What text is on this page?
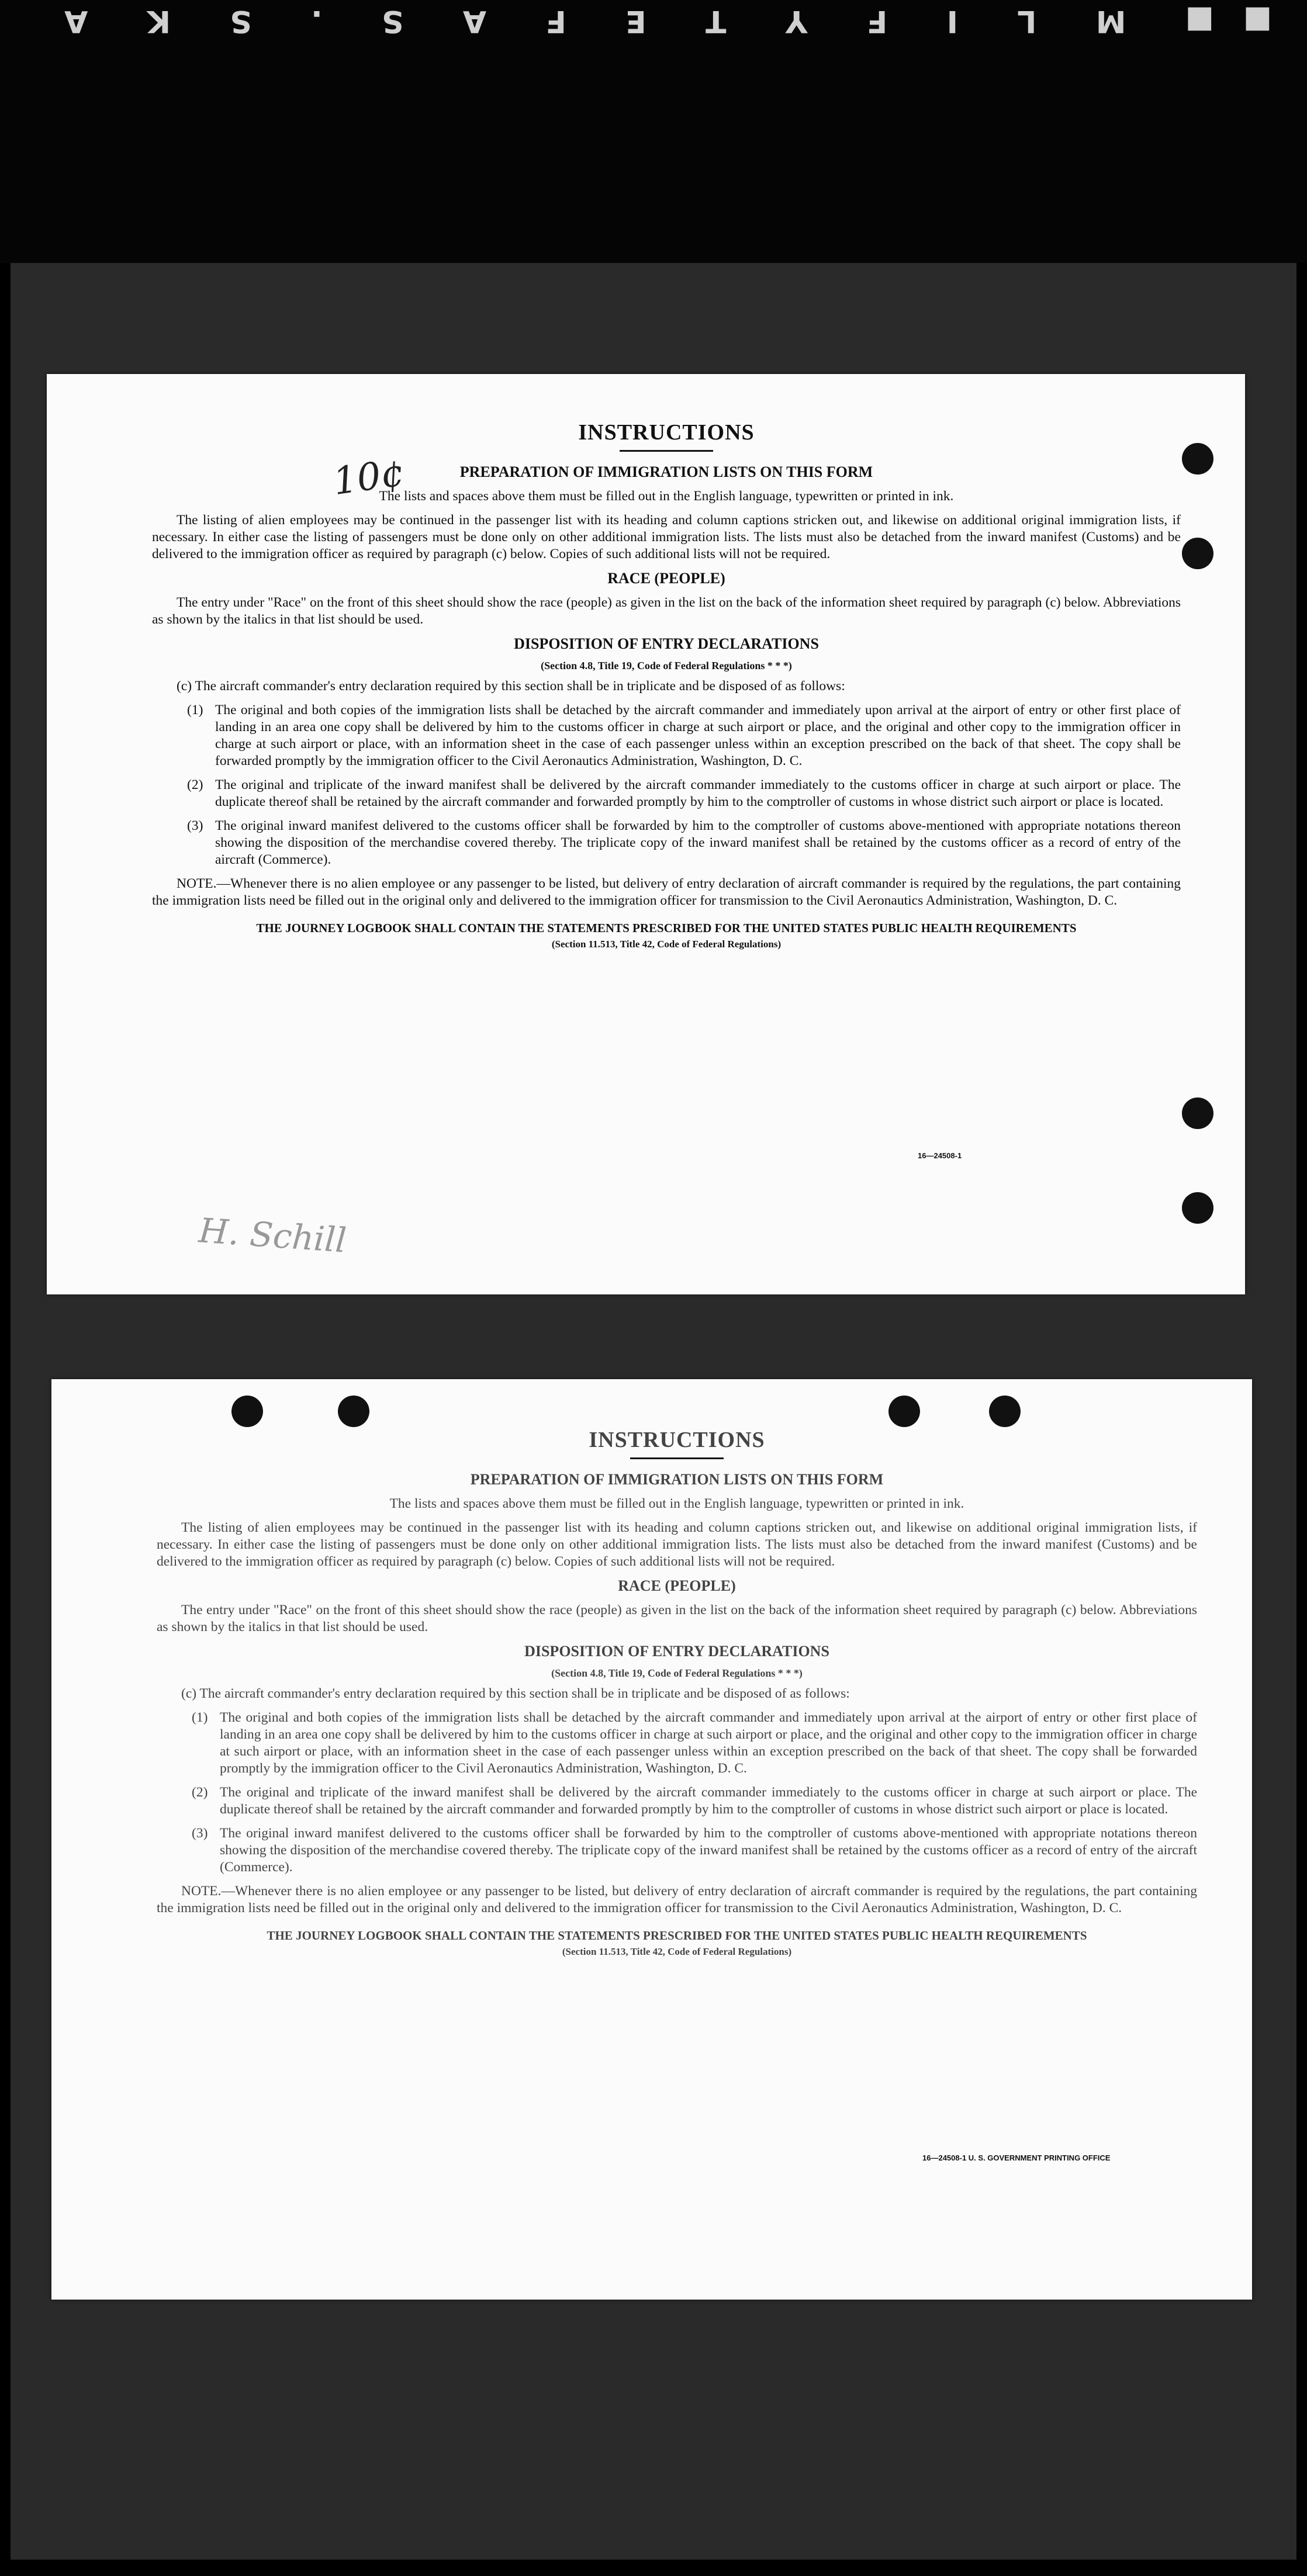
■■
M
L
I
F
Y
T
E
F
A
S
.
S
K
A
10¢
H. Schill
INSTRUCTIONS
PREPARATION OF IMMIGRATION LISTS ON THIS FORM

The lists and spaces above them must be filled out in the English language, typewritten or printed in ink.

The listing of alien employees may be continued in the passenger list with its heading and column captions stricken out, and likewise on additional original immigration lists, if necessary. In either case the listing of passengers must be done only on other additional immigration lists. The lists must also be detached from the inward manifest (Customs) and be delivered to the immigration officer as required by paragraph (c) below. Copies of such additional lists will not be required.

RACE (PEOPLE)

The entry under "Race" on the front of this sheet should show the race (people) as given in the list on the back of the information sheet required by paragraph (c) below. Abbreviations as shown by the italics in that list should be used.

DISPOSITION OF ENTRY DECLARATIONS
(Section 4.8, Title 19, Code of Federal Regulations * * *)

(c) The aircraft commander's entry declaration required by this section shall be in triplicate and be disposed of as follows:

(1) The original and both copies of the immigration lists shall be detached by the aircraft commander and immediately upon arrival at the airport of entry or other first place of landing in an area one copy shall be delivered by him to the customs officer in charge at such airport or place, and the original and other copy to the immigration officer in charge at such airport or place, with an information sheet in the case of each passenger unless within an exception prescribed on the back of that sheet. The copy shall be forwarded promptly by the immigration officer to the Civil Aeronautics Administration, Washington, D. C.
(2) The original and triplicate of the inward manifest shall be delivered by the aircraft commander immediately to the customs officer in charge at such airport or place. The duplicate thereof shall be retained by the aircraft commander and forwarded promptly by him to the comptroller of customs in whose district such airport or place is located.
(3) The original inward manifest delivered to the customs officer shall be forwarded by him to the comptroller of customs above-mentioned with appropriate notations thereon showing the disposition of the merchandise covered thereby. The triplicate copy of the inward manifest shall be retained by the customs officer as a record of entry of the aircraft (Commerce).

NOTE.—Whenever there is no alien employee or any passenger to be listed, but delivery of entry declaration of aircraft commander is required by the regulations, the part containing the immigration lists need be filled out in the original only and delivered to the immigration officer for transmission to the Civil Aeronautics Administration, Washington, D. C.

THE JOURNEY LOGBOOK SHALL CONTAIN THE STATEMENTS PRESCRIBED FOR THE UNITED STATES PUBLIC HEALTH REQUIREMENTS
(Section 11.513, Title 42, Code of Federal Regulations)
16—24508-1
INSTRUCTIONS
PREPARATION OF IMMIGRATION LISTS ON THIS FORM

The lists and spaces above them must be filled out in the English language, typewritten or printed in ink.

The listing of alien employees may be continued in the passenger list with its heading and column captions stricken out, and likewise on additional original immigration lists, if necessary. In either case the listing of passengers must be done only on other additional immigration lists. The lists must also be detached from the inward manifest (Customs) and be delivered to the immigration officer as required by paragraph (c) below. Copies of such additional lists will not be required.

RACE (PEOPLE)

The entry under "Race" on the front of this sheet should show the race (people) as given in the list on the back of the information sheet required by paragraph (c) below. Abbreviations as shown by the italics in that list should be used.

DISPOSITION OF ENTRY DECLARATIONS
(Section 4.8, Title 19, Code of Federal Regulations * * *)

(c) The aircraft commander's entry declaration required by this section shall be in triplicate and be disposed of as follows:

(1) The original and both copies of the immigration lists shall be detached by the aircraft commander and immediately upon arrival at the airport of entry or other first place of landing in an area one copy shall be delivered by him to the customs officer in charge at such airport or place, and the original and other copy to the immigration officer in charge at such airport or place, with an information sheet in the case of each passenger unless within an exception prescribed on the back of that sheet. The copy shall be forwarded promptly by the immigration officer to the Civil Aeronautics Administration, Washington, D. C.
(2) The original and triplicate of the inward manifest shall be delivered by the aircraft commander immediately to the customs officer in charge at such airport or place. The duplicate thereof shall be retained by the aircraft commander and forwarded promptly by him to the comptroller of customs in whose district such airport or place is located.
(3) The original inward manifest delivered to the customs officer shall be forwarded by him to the comptroller of customs above-mentioned with appropriate notations thereon showing the disposition of the merchandise covered thereby. The triplicate copy of the inward manifest shall be retained by the customs officer as a record of entry of the aircraft (Commerce).

NOTE.—Whenever there is no alien employee or any passenger to be listed, but delivery of entry declaration of aircraft commander is required by the regulations, the part containing the immigration lists need be filled out in the original only and delivered to the immigration officer for transmission to the Civil Aeronautics Administration, Washington, D. C.

THE JOURNEY LOGBOOK SHALL CONTAIN THE STATEMENTS PRESCRIBED FOR THE UNITED STATES PUBLIC HEALTH REQUIREMENTS
(Section 11.513, Title 42, Code of Federal Regulations)
16—24508-1 U. S. GOVERNMENT PRINTING OFFICE
